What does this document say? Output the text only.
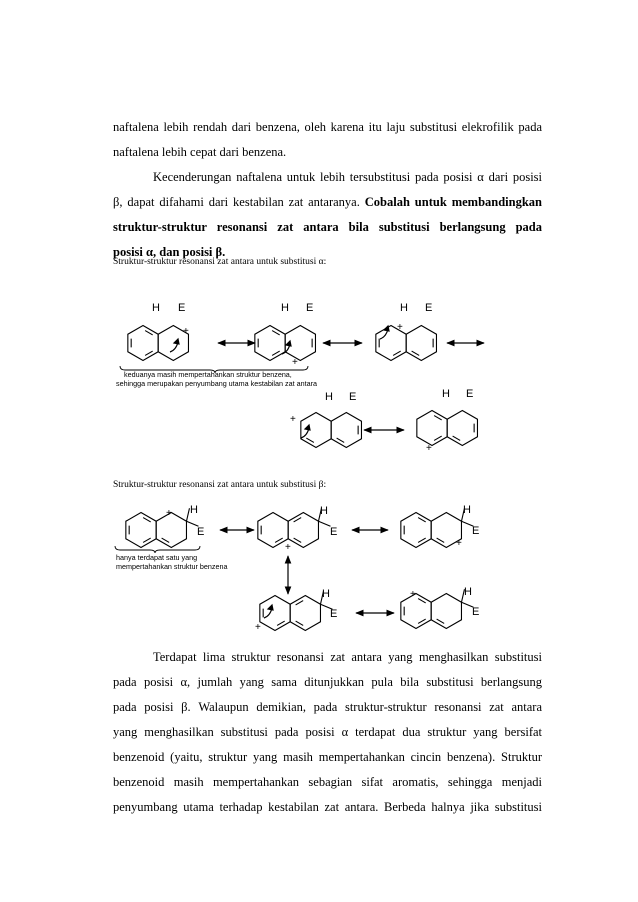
naftalena lebih rendah dari benzena, oleh karena itu laju substitusi elekrofilik pada
naftalena lebih cepat dari benzena.
Kecenderungan naftalena untuk lebih tersubstitusi pada posisi α dari posisi
β, dapat difahami dari kestabilan zat antaranya. Cobalah untuk membandingkan
struktur-struktur resonansi zat antara bila substitusi berlangsung pada
posisi α, dan posisi β.
Struktur-struktur resonansi zat antara untuk substitusi α:
Struktur-struktur resonansi zat antara untuk substitusi β:
H E
+
H E
+
H E
+
H E
+
H E
+
H
E
+	H
E
+
H
E
+
H
E
+
H
E
+
keduanya masih mempertahankan struktur benzena,
sehingga merupakan penyumbang utama kestabilan zat antara
hanya terdapat satu yang
mempertahankan struktur benzena
Terdapat lima struktur resonansi zat antara yang menghasilkan substitusi
pada posisi α, jumlah yang sama ditunjukkan pula bila substitusi berlangsung
pada posisi β. Walaupun demikian, pada struktur-struktur resonansi zat antara
yang menghasilkan substitusi pada posisi α terdapat dua struktur yang bersifat
benzenoid (yaitu, struktur yang masih mempertahankan cincin benzena). Struktur
benzenoid masih mempertahankan sebagian sifat aromatis, sehingga menjadi
penyumbang utama terhadap kestabilan zat antara. Berbeda halnya jika substitusi
